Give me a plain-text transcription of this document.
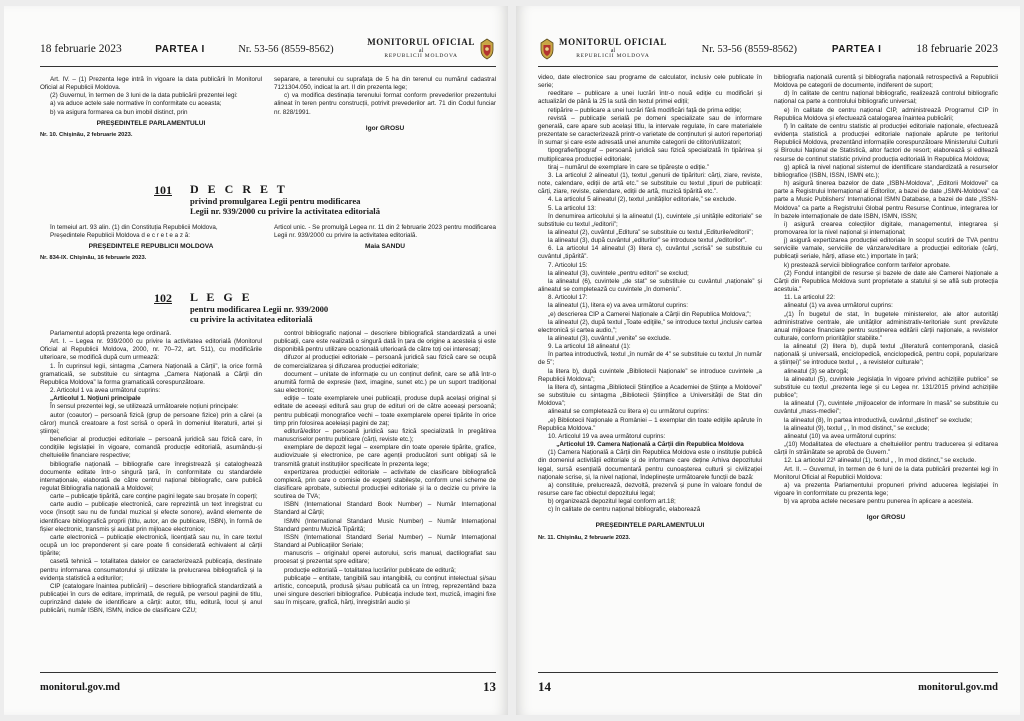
18 februarie 2023	PARTEA I	Nr. 53-56 (8559-8562)
MONITORUL OFICIAL
al
REPUBLICII MOLDOVA

Art. IV. – (1) Prezenta lege intră în vigoare la data publicării în Monitorul Oficial al Republicii Moldova.

(2) Guvernul, în termen de 3 luni de la data publicării prezentei legi:

a) va aduce actele sale normative în conformitate cu aceasta;

b) va asigura formarea ca bun imobil distinct, prin

PREȘEDINTELE PARLAMENTULUI

Nr. 10. Chișinău, 2 februarie 2023.

separare, a terenului cu suprafața de 5 ha din terenul cu numărul cadastral 7121304.050, indicat la art. II din prezenta lege;

c) va modifica destinația terenului format conform prevederilor prezentului alineat în teren pentru construcții, potrivit prevederilor art. 71 din Codul funciar nr. 828/1991.

Igor GROSU

101	D E C R E T
privind promulgarea Legii pentru modificarea
Legii nr. 939/2000 cu privire la activitatea editorială

În temeiul art. 93 alin. (1) din Constituția Republicii Moldova,

Președintele Republicii Moldova d e c r e t e a z ă:

PREȘEDINTELE REPUBLICII MOLDOVA

Nr. 834-IX. Chișinău, 16 februarie 2023.

Articol unic. - Se promulgă Legea nr. 11 din 2 februarie 2023 pentru modificarea Legii nr. 939/2000 cu privire la activitatea editorială.

Maia SANDU

102	L E G E
pentru modificarea Legii nr. 939/2000
cu privire la activitatea editorială

Parlamentul adoptă prezenta lege ordinară.

Art. I. – Legea nr. 939/2000 cu privire la activitatea editorială (Monitorul Oficial al Republicii Moldova, 2000, nr. 70–72, art. 511), cu modificările ulterioare, se modifică după cum urmează:

1. În cuprinsul legii, sintagma „Camera Națională a Cărții”, la orice formă gramaticală, se substituie cu sintagma „Camera Națională a Cărții din Republica Moldova” la forma gramaticală corespunzătoare.

2. Articolul 1 va avea următorul cuprins:

„Articolul 1. Noțiuni principale

În sensul prezentei legi, se utilizează următoarele noțiuni principale:

autor (coautor) – persoană fizică (grup de persoane fizice) prin a cărei (a căror) muncă creatoare a fost scrisă o operă în domeniul literaturii, artei și științei;

beneficiar al producției editoriale – persoană juridică sau fizică care, în condițiile legislației în vigoare, comandă producție editorială, asumându-și cheltuielile financiare respective;

bibliografie națională – bibliografie care înregistrează și catalogheazǎ documente editate într-o singură țară, în conformitate cu standardele internaționale, elaborată de către centrul național bibliografic, care publică regulat Bibliografia națională a Moldovei;

carte – publicație tipărită, care conține pagini legate sau broșate în coperți;

carte audio – publicație electronică, care reprezintă un text înregistrat cu voce (însoțit sau nu de fundal muzical și efecte sonore), având elemente de identificare bibliografică proprii (titlu, autor, an de publicare, ISBN), în formă de fișier electronic, transmis și audiat prin mijloace electronice;

carte electronică – publicație electronică, licențiată sau nu, în care textul ocupă un loc preponderent și care poate fi considerată echivalent al cărții tipărite;

casetă tehnică – totalitatea datelor ce caracterizează publicația, destinate pentru informarea consumatorului și utilizate la prelucrarea bibliografică și la evidența statistică a editurilor;

CIP (catalogare înaintea publicării) – descriere bibliografică standardizată a publicației în curs de editare, imprimată, de regulă, pe versoul paginii de titlu, cuprinzând datele de identificare a cărții: autor, titlu, editură, locul și anul publicării, număr ISBN, ISMN, indice de clasificare CZU;

control bibliografic național – descriere bibliografică standardizată a unei publicații, care este realizată o singură dată în țara de origine a acesteia și este disponibilă pentru utilizare ocazionalǎ ulterioară de către toți cei interesați;

difuzor al producției editoriale – persoană juridică sau fizică care se ocupă de comercializarea și difuzarea producției editoriale;

document – unitate de informație cu un conținut definit, care se află într-o anumită formă de expresie (text, imagine, sunet etc.) pe un suport tradițional sau electronic;

ediție – toate exemplarele unei publicații, produse după același original și editate de aceeași editură sau grup de edituri ori de către aceeași persoană; pentru publicații monografice vechi – toate exemplarele operei tipărite în orice timp prin folosirea aceleiași pagini de zaț;

editură/editor – persoană juridică sau fizică specializată în pregătirea manuscriselor pentru publicare (cărți, reviste etc.);

exemplare de depozit legal – exemplare din toate operele tipărite, grafice, audiovizuale și electronice, pe care agenții producători sunt obligați să le transmită gratuit instituțiilor specificate în prezenta lege;

expertizarea producției editoriale – activitate de clasificare bibliografică complexă, prin care o comisie de experți stabilește, conform unei scheme de clasificare aprobate, subiectul producției editoriale și la o decizie cu privire la scutirea de TVA;

ISBN (International Standard Book Number) – Număr Internațional Standard al Cărții;

ISMN (International Standard Music Number) – Număr Internațional Standard pentru Muzică Tipărită;

ISSN (International Standard Serial Number) – Număr Internațional Standard al Publicațiilor Seriale;

manuscris – originalul operei autorului, scris manual, dactilografiat sau procesat și prezentat spre editare;

producție editorială – totalitatea lucrărilor publicate de editură;

publicație – entitate, tangibilă sau intangibilă, cu conținut intelectual și/sau artistic, concepută, produsă și/sau publicată ca un întreg, reprezentând baza unei singure descrieri bibliografice. Publicația include text, muzică, imagini fixe sau în mișcare, grafică, hărți, înregistrări audio și

monitorul.gov.md	13
MONITORUL OFICIAL
al
REPUBLICII MOLDOVA
Nr. 53-56 (8559-8562)	PARTEA I	18 februarie 2023

video, date electronice sau programe de calculator, inclusiv cele publicate în serie;

reeditare – publicare a unei lucrări într-o nouă ediție cu modificări și actualizări de până la 25 la sută din textul primei ediții;

retipărire – publicare a unei lucrări fără modificări față de prima ediție;

revistă – publicație serială pe domeni specializate sau de informare generală, care apare sub același titlu, la intervale regulate, în care materialele prezentate se caracterizează printr-o varietate de conținuturi și autori repertoriați în sumar și care este adresată unei anumite categorii de cititori/utilizatori;

tipografie/tipograf – persoană juridică sau fizică specializată în tipărirea și multiplicarea producției editoriale;

tiraj – numărul de exemplare în care se tipărește o ediție.”

3. La articolul 2 alineatul (1), textul „genurii de tipărituri: cărți, ziare, reviste, note, calendare, ediții de artă etc.” se substituie cu textul „tipuri de publicații: cărți, ziare, reviste, calendare, ediții de artă, muzică tipărită etc.”.

4. La articolul 5 alineatul (2), textul „unităților editoriale,” se exclude.

5. La articolul 13:

în denumirea articolului și la alineatul (1), cuvintele „și unitățile editoriale” se substituie cu textul „/editorii”;

la alineatul (2), cuvântul „Editura” se substituie cu textul „Editurile/editorii”;

la alineatul (3), după cuvântul „editurilor” se introduce textul „/editorilor”.

6. La articolul 14 alineatul (3) litera c), cuvântul „scrisă” se substituie cu cuvântul „tipărită”.

7. Articolul 15:

la alineatul (3), cuvintele „pentru editori” se exclud;

la alineatul (6), cuvintele „de stat” se substituie cu cuvântul „naționale” și alineatul se completează cu cuvintele „în domeniu”.

8. Articolul 17:

la alineatul (1), litera e) va avea următorul cuprins:

„e) descrierea CIP a Camerei Naționale a Cărții din Republica Moldova;”;

la alineatul (2), după textul „Toate ediţiile,” se introduce textul „inclusiv cartea electronică și cartea audio,”;

la alineatul (3), cuvântul „venite” se exclude.

9. La articolul 18 alineatul (1):

în partea introductivă, textul „în număr de 4” se substituie cu textul „în număr de 5”;

la litera b), după cuvintele „Biblioteciі Naționale” se introduce cuvintele „a Republicii Moldova”;

la litera d), sintagma „Biblioteciі Științifice a Academiei de Științe a Moldovei” se substituie cu sintagma „Biblioteciі Științifice a Universității de Stat din Moldova”;

alineatul se completează cu litera e) cu următorul cuprins:

„e) Biblioteciі Naționale a României – 1 exemplar din toate edițiile apărute în Republica Moldova.”

10. Articolul 19 va avea următorul cuprins:

„Articolul 19. Camera Națională a Cărții din Republica Moldova

(1) Camera Națională a Cărții din Republica Moldova este o instituție publică din domeniul activității editoriale și de informare care deține Arhiva depozitului legal, sursă esențială documentară pentru cunoașterea culturii și civilizației naționale scrise, și, la nivel național, îndeplinește următoarele funcții de bază:

a) constituie, prelucrează, dezvoltă, prezervă și pune în valoare fondul de resurse care fac obiectul depozitului legal;

b) organizează depozitul legal conform art.18;

c) în calitate de centru național bibliografic, elaborează

PREȘEDINTELE PARLAMENTULUI

Nr. 11. Chișinău, 2 februarie 2023.

bibliografia națională curentă și bibliografia națională retrospectivă a Republicii Moldova pe categorii de documente, indiferent de suport;

d) în calitate de centru național bibliografic, realizează controlul bibliografic național ca parte a controlului bibliografic universal;

e) în calitate de centru național CIP, administrează Programul CIP în Republica Moldova și efectuează catalogarea înaintea publicării;

f) în calitate de centru statistic al producției editoriale naționale, efectuează evidența statistică a producției editoriale naționale apărute pe teritoriul Republicii Moldova, prezentând informațiile corespunzătoare Ministerului Culturii și Biroului Național de Statistică, altor factori de resort; elaborează și editează resurse de continut statistic privind producția editorială în Republica Moldova;

g) aplică la nivel național sistemul de identificare standardizată a resurselor bibliografice (ISBN, ISSN, ISMN etc.);

h) asigură tinerea bazelor de date „ISBN-Moldova”, „Editorii Moldovei” ca parte a Registrului Internațional al Editorilor, a bazei de date „ISMN-Moldova” ca parte a Music Publishers' International ISMN Database, a bazei de date „ISSN-Moldova” ca parte a Registrului Global pentru Resurse Continue, integrarea lor în bazele internaționale de date ISBN, ISMN, ISSN;

i) asigură crearea colecțiilor digitale, managementul, integrarea și promovarea lor la nivel național și internațional;

j) asigură expertizarea producției editoriale în scopul scutirii de TVA pentru serviciile vamale, serviciile de vânzare/editare a producției editoriale (cărți, publicații seriale, hărți, atlase etc.) importate în țară;

k) prestează servicii bibliografice conform tarifelor aprobate.

(2) Fondul intangibil de resurse și bazele de date ale Camerei Naționale a Cărții din Republica Moldova sunt proprietate a statului și se află sub protecția acestuia.”

11. La articolul 22:

alineatul (1) va avea următorul cuprins:

„(1) În bugetul de stat, în bugetele ministerelor, ale altor autorități administrative centrale, ale unităților administrativ-teritoriale sunt prevăzute anual mijloace financiare pentru susținerea editării cărții naționale, a revistelor culturale, conform priorităților stabilite.”

la alineatul (2) litera b), după textul „(literatură contemporană, clasică națională și universală, enciclopedică, enciclopedică, pentru copii, popularizare a științei)” se introduce textul „ , a revistelor culturale”;

alineatul (3) se abrogă;

la alineatul (5), cuvintele „legislația în vigoare privind achizițiile publice” se substituie cu textul „prezenta lege și cu Legea nr. 131/2015 privind achizițiile publice”;

la alineatul (7), cuvintele „mijloacelor de informare în masă” se substituie cu cuvântul „mass-mediei”;

la alineatul (8), în partea introductivă, cuvântul „distinct” se exclude;

la alineatul (9), textul „ , în mod distinct,” se exclude;

alineatul (10) va avea următorul cuprins:

„(10) Modalitatea de efectuare a cheltuielilor pentru traducerea și editarea cărții în străinătate se aprobă de Guvern.”

12. La articolul 22¹ alineatul (1), textul „ , în mod distinct,” se exclude.

Art. II. – Guvernul, în termen de 6 luni de la data publicării prezentei legi în Monitorul Oficial al Republicii Moldova:

a) va prezenta Parlamentului propuneri privind aducerea legislației în vigoare în conformitate cu prezenta lege;

b) va aproba actele necesare pentru punerea în aplicare a acesteia.

Igor GROSU

14	monitorul.gov.md
